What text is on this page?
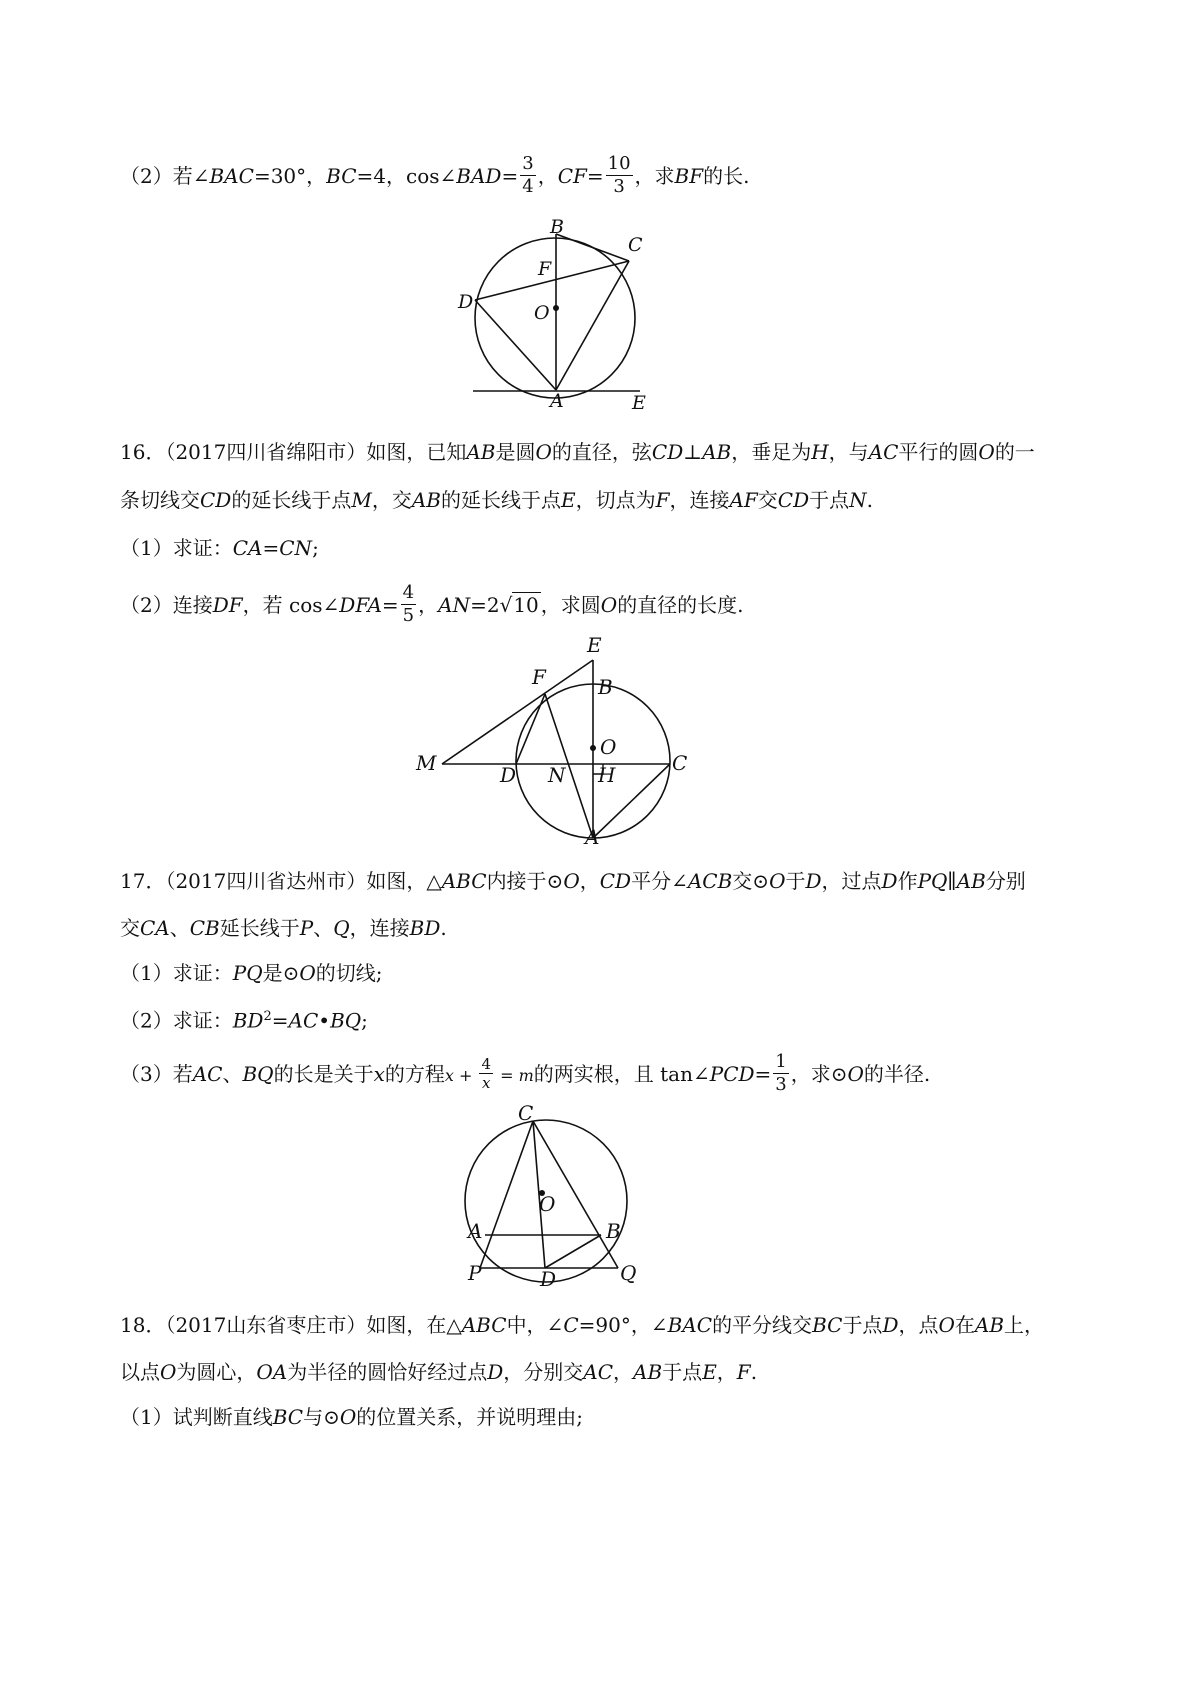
（2）若∠BAC=30°，BC=4，cos∠BAD= $\frac{3}{4}$ ，$CF= \frac{10}{3}$ ，求BF的长.
B
C
F
D	O
A	E
16．（2017四川省绵阳市）如图，已知AB是圆O的直径，弦CD⊥AB，垂足为H，与AC平行的圆O的一
条切线交CD的延长线于点M，交AB的延长线于点E，切点为F，连接AF交CD于点N.
（1）求证：CA=CN;
（2）连接DF，若 cos∠DFA= $\frac{4}{5}$ ，AN=2√10 ，求圆O的直径的长度.
E
F	B
O
M	D N H	C
A
17．（2017四川省达州市）如图，△ABC内接于⊙O，CD平分∠ACB交⊙O于D，过点D作PQ∥AB分别
交CA、CB延长线于P、Q，连接BD.
（1）求证：PQ是⊙O的切线;
（2）求证：$BD^2=AC•BQ$;
（3）若AC、BQ的长是关于x的方程$x + \frac{4}{x} = m$的两实根，且 tan∠PCD= $\frac{1}{3}$ ，求⊙O的半径.
C
O
A	B
P	D	Q
18．（2017山东省枣庄市）如图，在△ABC中，∠C=90°，∠BAC的平分线交BC于点D，点O在AB上，
以点O为圆心，OA为半径的圆恰好经过点D，分别交AC，AB于点E，F.
（1）试判断直线BC与⊙O的位置关系，并说明理由;
